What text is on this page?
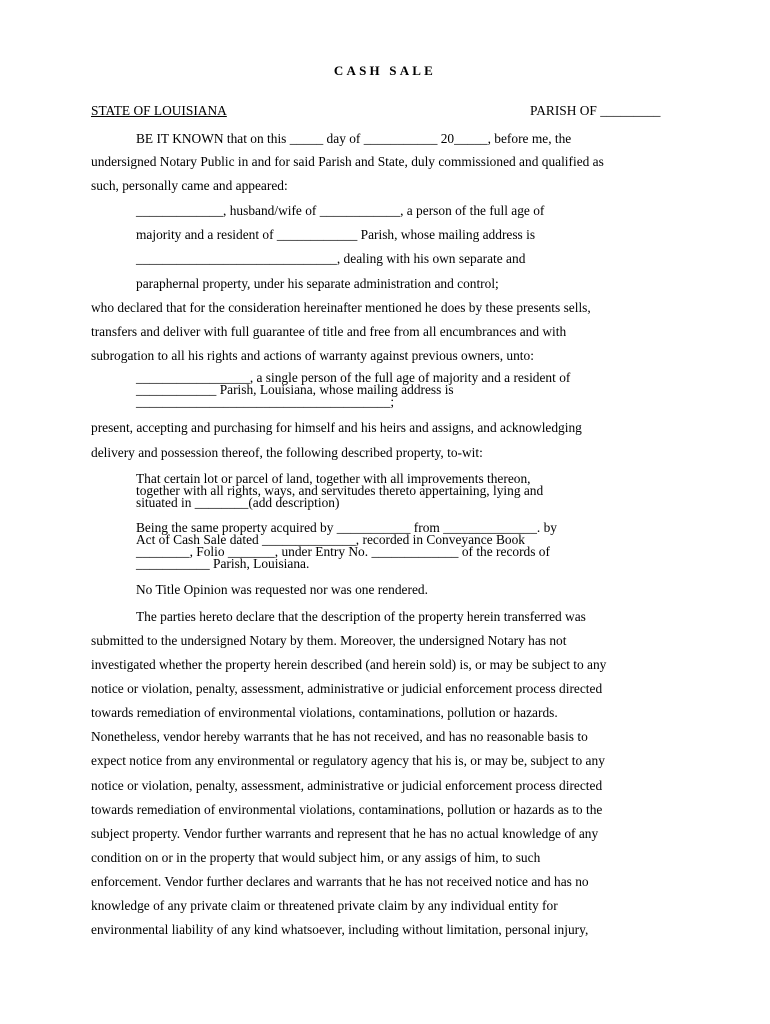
CASH SALE
STATE OF LOUISIANA	PARISH OF _________
BE IT KNOWN that on this _____ day of ___________ 20_____, before me, the
undersigned Notary Public in and for said Parish and State, duly commissioned and qualified as
such, personally came and appeared:
_____________, husband/wife of ____________, a person of the full age of
majority and a resident of ____________ Parish, whose mailing address is
______________________________, dealing with his own separate and
paraphernal property, under his separate administration and control;
who declared that for the consideration hereinafter mentioned he does by these presents sells,
transfers and deliver with full guarantee of title and free from all encumbrances and with
subrogation to all his rights and actions of warranty against previous owners, unto:
_________________, a single person of the full age of majority and a resident of
____________ Parish, Louisiana, whose mailing address is
______________________________________;
present, accepting and purchasing for himself and his heirs and assigns, and acknowledging
delivery and possession thereof, the following described property, to-wit:
That certain lot or parcel of land, together with all improvements thereon,
together with all rights, ways, and servitudes thereto appertaining, lying and
situated in ________(add description)
Being the same property acquired by ___________ from ______________. by
Act of Cash Sale dated ______________, recorded in Conveyance Book
________, Folio _______, under Entry No. _____________ of the records of
___________ Parish, Louisiana.
No Title Opinion was requested nor was one rendered.
The parties hereto declare that the description of the property herein transferred was
submitted to the undersigned Notary by them. Moreover, the undersigned Notary has not
investigated whether the property herein described (and herein sold) is, or may be subject to any
notice or violation, penalty, assessment, administrative or judicial enforcement process directed
towards remediation of environmental violations, contaminations, pollution or hazards.
Nonetheless, vendor hereby warrants that he has not received, and has no reasonable basis to
expect notice from any environmental or regulatory agency that his is, or may be, subject to any
notice or violation, penalty, assessment, administrative or judicial enforcement process directed
towards remediation of environmental violations, contaminations, pollution or hazards as to the
subject property. Vendor further warrants and represent that he has no actual knowledge of any
condition on or in the property that would subject him, or any assigs of him, to such
enforcement. Vendor further declares and warrants that he has not received notice and has no
knowledge of any private claim or threatened private claim by any individual entity for
environmental liability of any kind whatsoever, including without limitation, personal injury,
